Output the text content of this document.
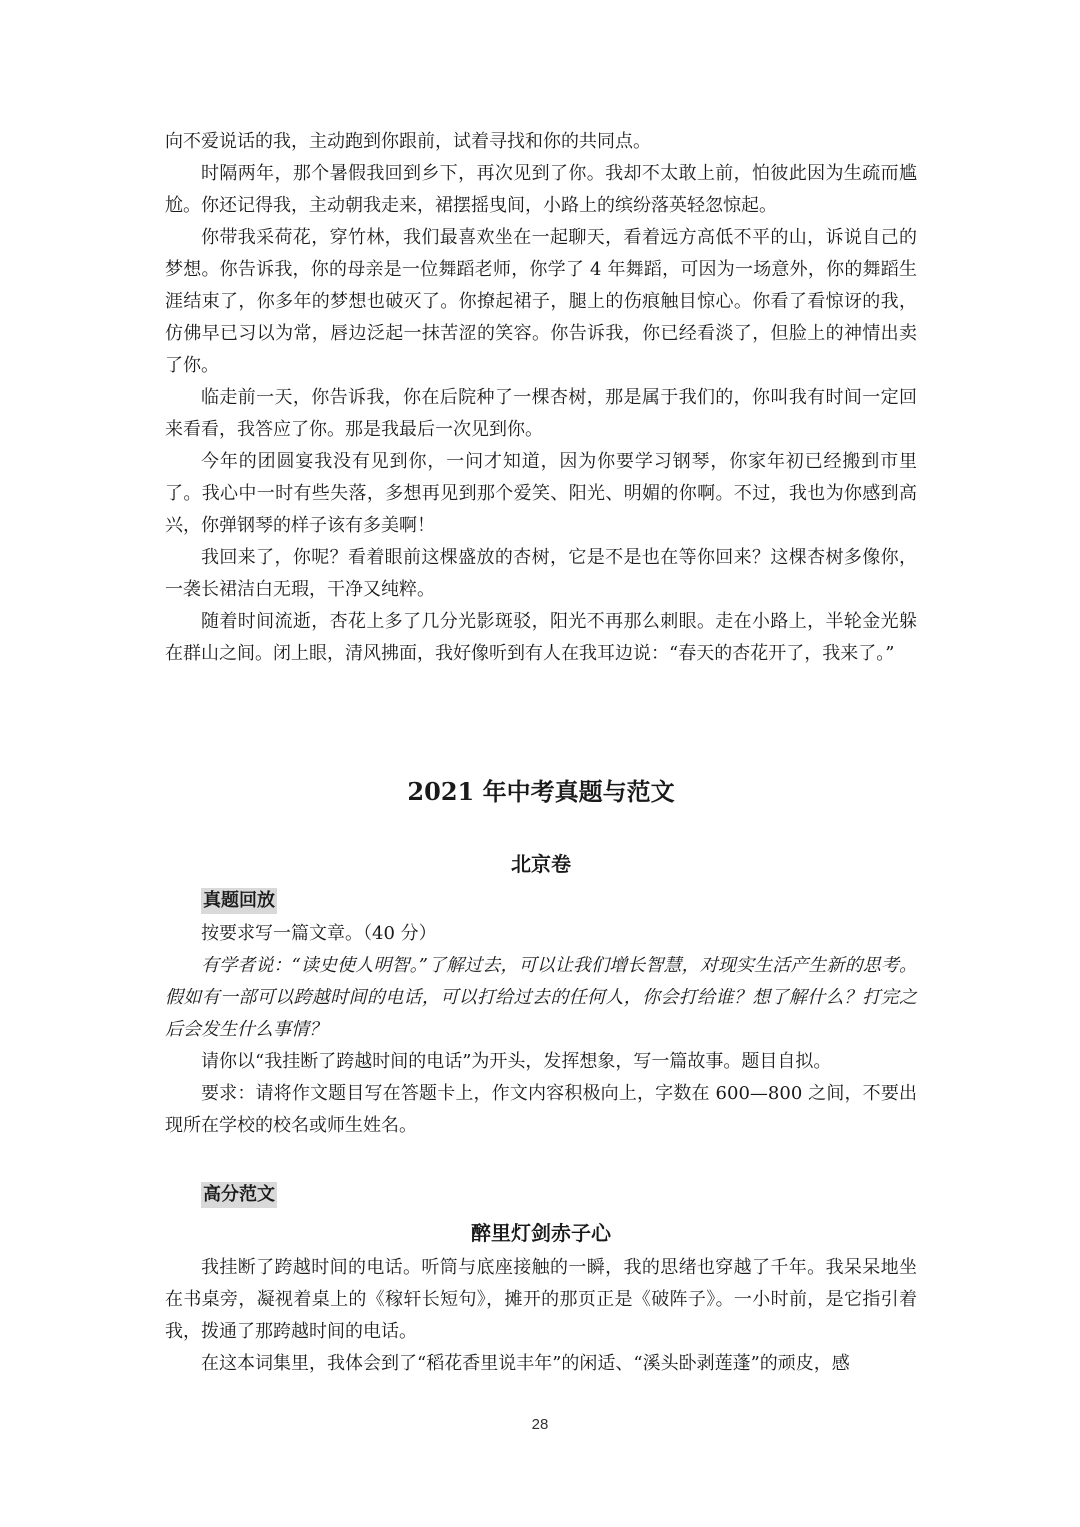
向不爱说话的我，主动跑到你跟前，试着寻找和你的共同点。

时隔两年，那个暑假我回到乡下，再次见到了你。我却不太敢上前，怕彼此因为生疏而尴尬。你还记得我，主动朝我走来，裙摆摇曳间，小路上的缤纷落英轻忽惊起。

你带我采荷花，穿竹林，我们最喜欢坐在一起聊天，看着远方高低不平的山，诉说自己的梦想。你告诉我，你的母亲是一位舞蹈老师，你学了 4 年舞蹈，可因为一场意外，你的舞蹈生涯结束了，你多年的梦想也破灭了。你撩起裙子，腿上的伤痕触目惊心。你看了看惊讶的我，仿佛早已习以为常，唇边泛起一抹苦涩的笑容。你告诉我，你已经看淡了，但脸上的神情出卖了你。

临走前一天，你告诉我，你在后院种了一棵杏树，那是属于我们的，你叫我有时间一定回来看看，我答应了你。那是我最后一次见到你。

今年的团圆宴我没有见到你，一问才知道，因为你要学习钢琴，你家年初已经搬到市里了。我心中一时有些失落，多想再见到那个爱笑、阳光、明媚的你啊。不过，我也为你感到高兴，你弹钢琴的样子该有多美啊！

我回来了，你呢？看着眼前这棵盛放的杏树，它是不是也在等你回来？这棵杏树多像你，一袭长裙洁白无瑕，干净又纯粹。

随着时间流逝，杏花上多了几分光影斑驳，阳光不再那么刺眼。走在小路上，半轮金光躲在群山之间。闭上眼，清风拂面，我好像听到有人在我耳边说：“春天的杏花开了，我来了。”

2021 年中考真题与范文
北京卷
真题回放

按要求写一篇文章。（40 分）

有学者说：“读史使人明智。”了解过去，可以让我们增长智慧，对现实生活产生新的思考。假如有一部可以跨越时间的电话，可以打给过去的任何人，你会打给谁？想了解什么？打完之后会发生什么事情？

请你以“我挂断了跨越时间的电话”为开头，发挥想象，写一篇故事。题目自拟。

要求：请将作文题目写在答题卡上，作文内容积极向上，字数在 600—800 之间，不要出现所在学校的校名或师生姓名。

高分范文
醉里灯剑赤子心

我挂断了跨越时间的电话。听筒与底座接触的一瞬，我的思绪也穿越了千年。我呆呆地坐在书桌旁，凝视着桌上的《稼轩长短句》，摊开的那页正是《破阵子》。一小时前，是它指引着我，拨通了那跨越时间的电话。

在这本词集里，我体会到了“稻花香里说丰年”的闲适、“溪头卧剥莲蓬”的顽皮，感

28
